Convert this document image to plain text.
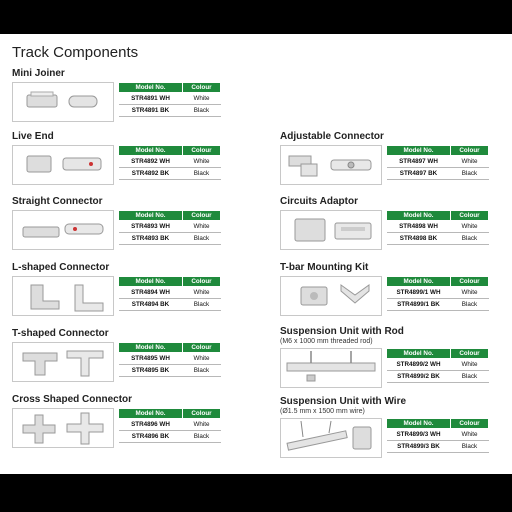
Track Components
Mini Joiner
Model No.	Colour
STR4891 WH	White
STR4891 BK	Black
Live End
Model No.	Colour
STR4892 WH	White
STR4892 BK	Black
Straight Connector
Model No.	Colour
STR4893 WH	White
STR4893 BK	Black
L-shaped Connector
Model No.	Colour
STR4894 WH	White
STR4894 BK	Black
T-shaped Connector
Model No.	Colour
STR4895 WH	White
STR4895 BK	Black
Cross Shaped Connector
Model No.	Colour
STR4896 WH	White
STR4896 BK	Black
Adjustable Connector
Model No.	Colour
STR4897 WH	White
STR4897 BK	Black
Circuits Adaptor
Model No.	Colour
STR4898 WH	White
STR4898 BK	Black
T-bar Mounting Kit
Model No.	Colour
STR4899/1 WH	White
STR4899/1 BK	Black
Suspension Unit with Rod
(M6 x 1000 mm threaded rod)
Model No.	Colour
STR4899/2 WH	White
STR4899/2 BK	Black
Suspension Unit with Wire
(Ø1.5 mm x 1500 mm wire)
Model No.	Colour
STR4899/3 WH	White
STR4899/3 BK	Black
